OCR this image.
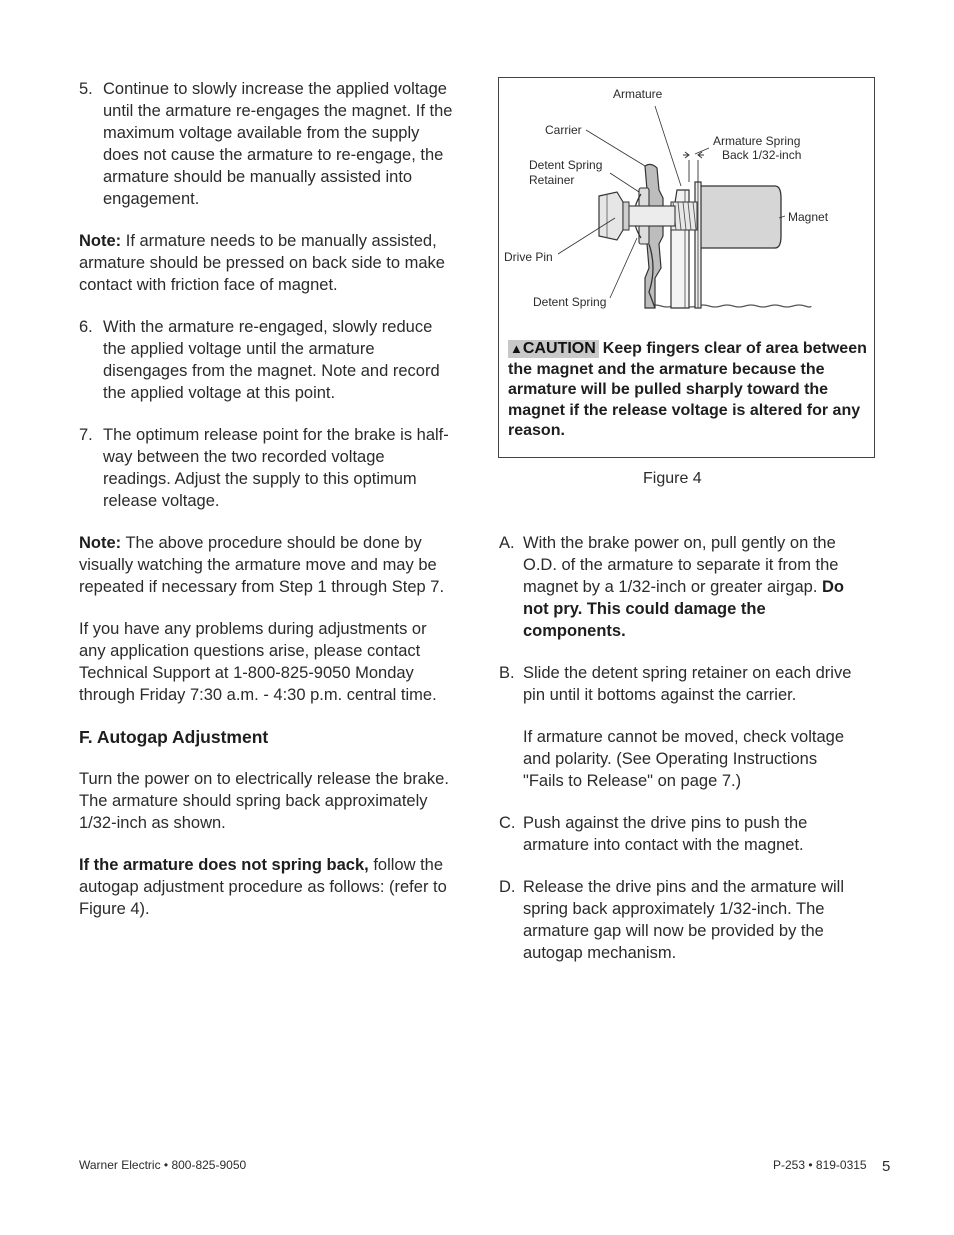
5. Continue to slowly increase the applied voltage until the armature re-engages the magnet. If the maximum voltage available from the supply does not cause the armature to re-engage, the armature should be manually assisted into engagement.

Note: If armature needs to be manually assisted, armature should be pressed on back side to make contact with friction face of magnet.

6. With the armature re-engaged, slowly reduce the applied voltage until the armature disengages from the magnet. Note and record the applied voltage at this point.
7. The optimum release point for the brake is half-way between the two recorded voltage readings. Adjust the supply to this optimum release voltage.

Note: The above procedure should be done by visually watching the armature move and may be repeated if necessary from Step 1 through Step 7.

If you have any problems during adjustments or any application questions arise, please contact Technical Support at 1-800-825-9050 Monday through Friday 7:30 a.m. - 4:30 p.m. central time.

F. Autogap Adjustment

Turn the power on to electrically release the brake. The armature should spring back approximately 1/32-inch as shown.

If the armature does not spring back, follow the autogap adjustment procedure as follows: (refer to Figure 4).

Armature
Carrier
Armature Spring
Back 1/32-inch
Detent Spring
Retainer
Magnet
Drive Pin
Detent Spring
▲CAUTION Keep fingers clear of area between the magnet and the armature because the armature will be pulled sharply toward the magnet if the release voltage is altered for any reason.
Figure 4
A. With the brake power on, pull gently on the O.D. of the armature to separate it from the magnet by a 1/32-inch or greater airgap. Do not pry. This could damage the components.
B. Slide the detent spring retainer on each drive pin until it bottoms against the carrier.
If armature cannot be moved, check voltage and polarity. (See Operating Instructions "Fails to Release" on page 7.)
C. Push against the drive pins to push the armature into contact with the magnet.
D. Release the drive pins and the armature will spring back approximately 1/32-inch. The armature gap will now be provided by the autogap mechanism.
Warner Electric • 800-825-9050	P-253 • 819-0315 5
